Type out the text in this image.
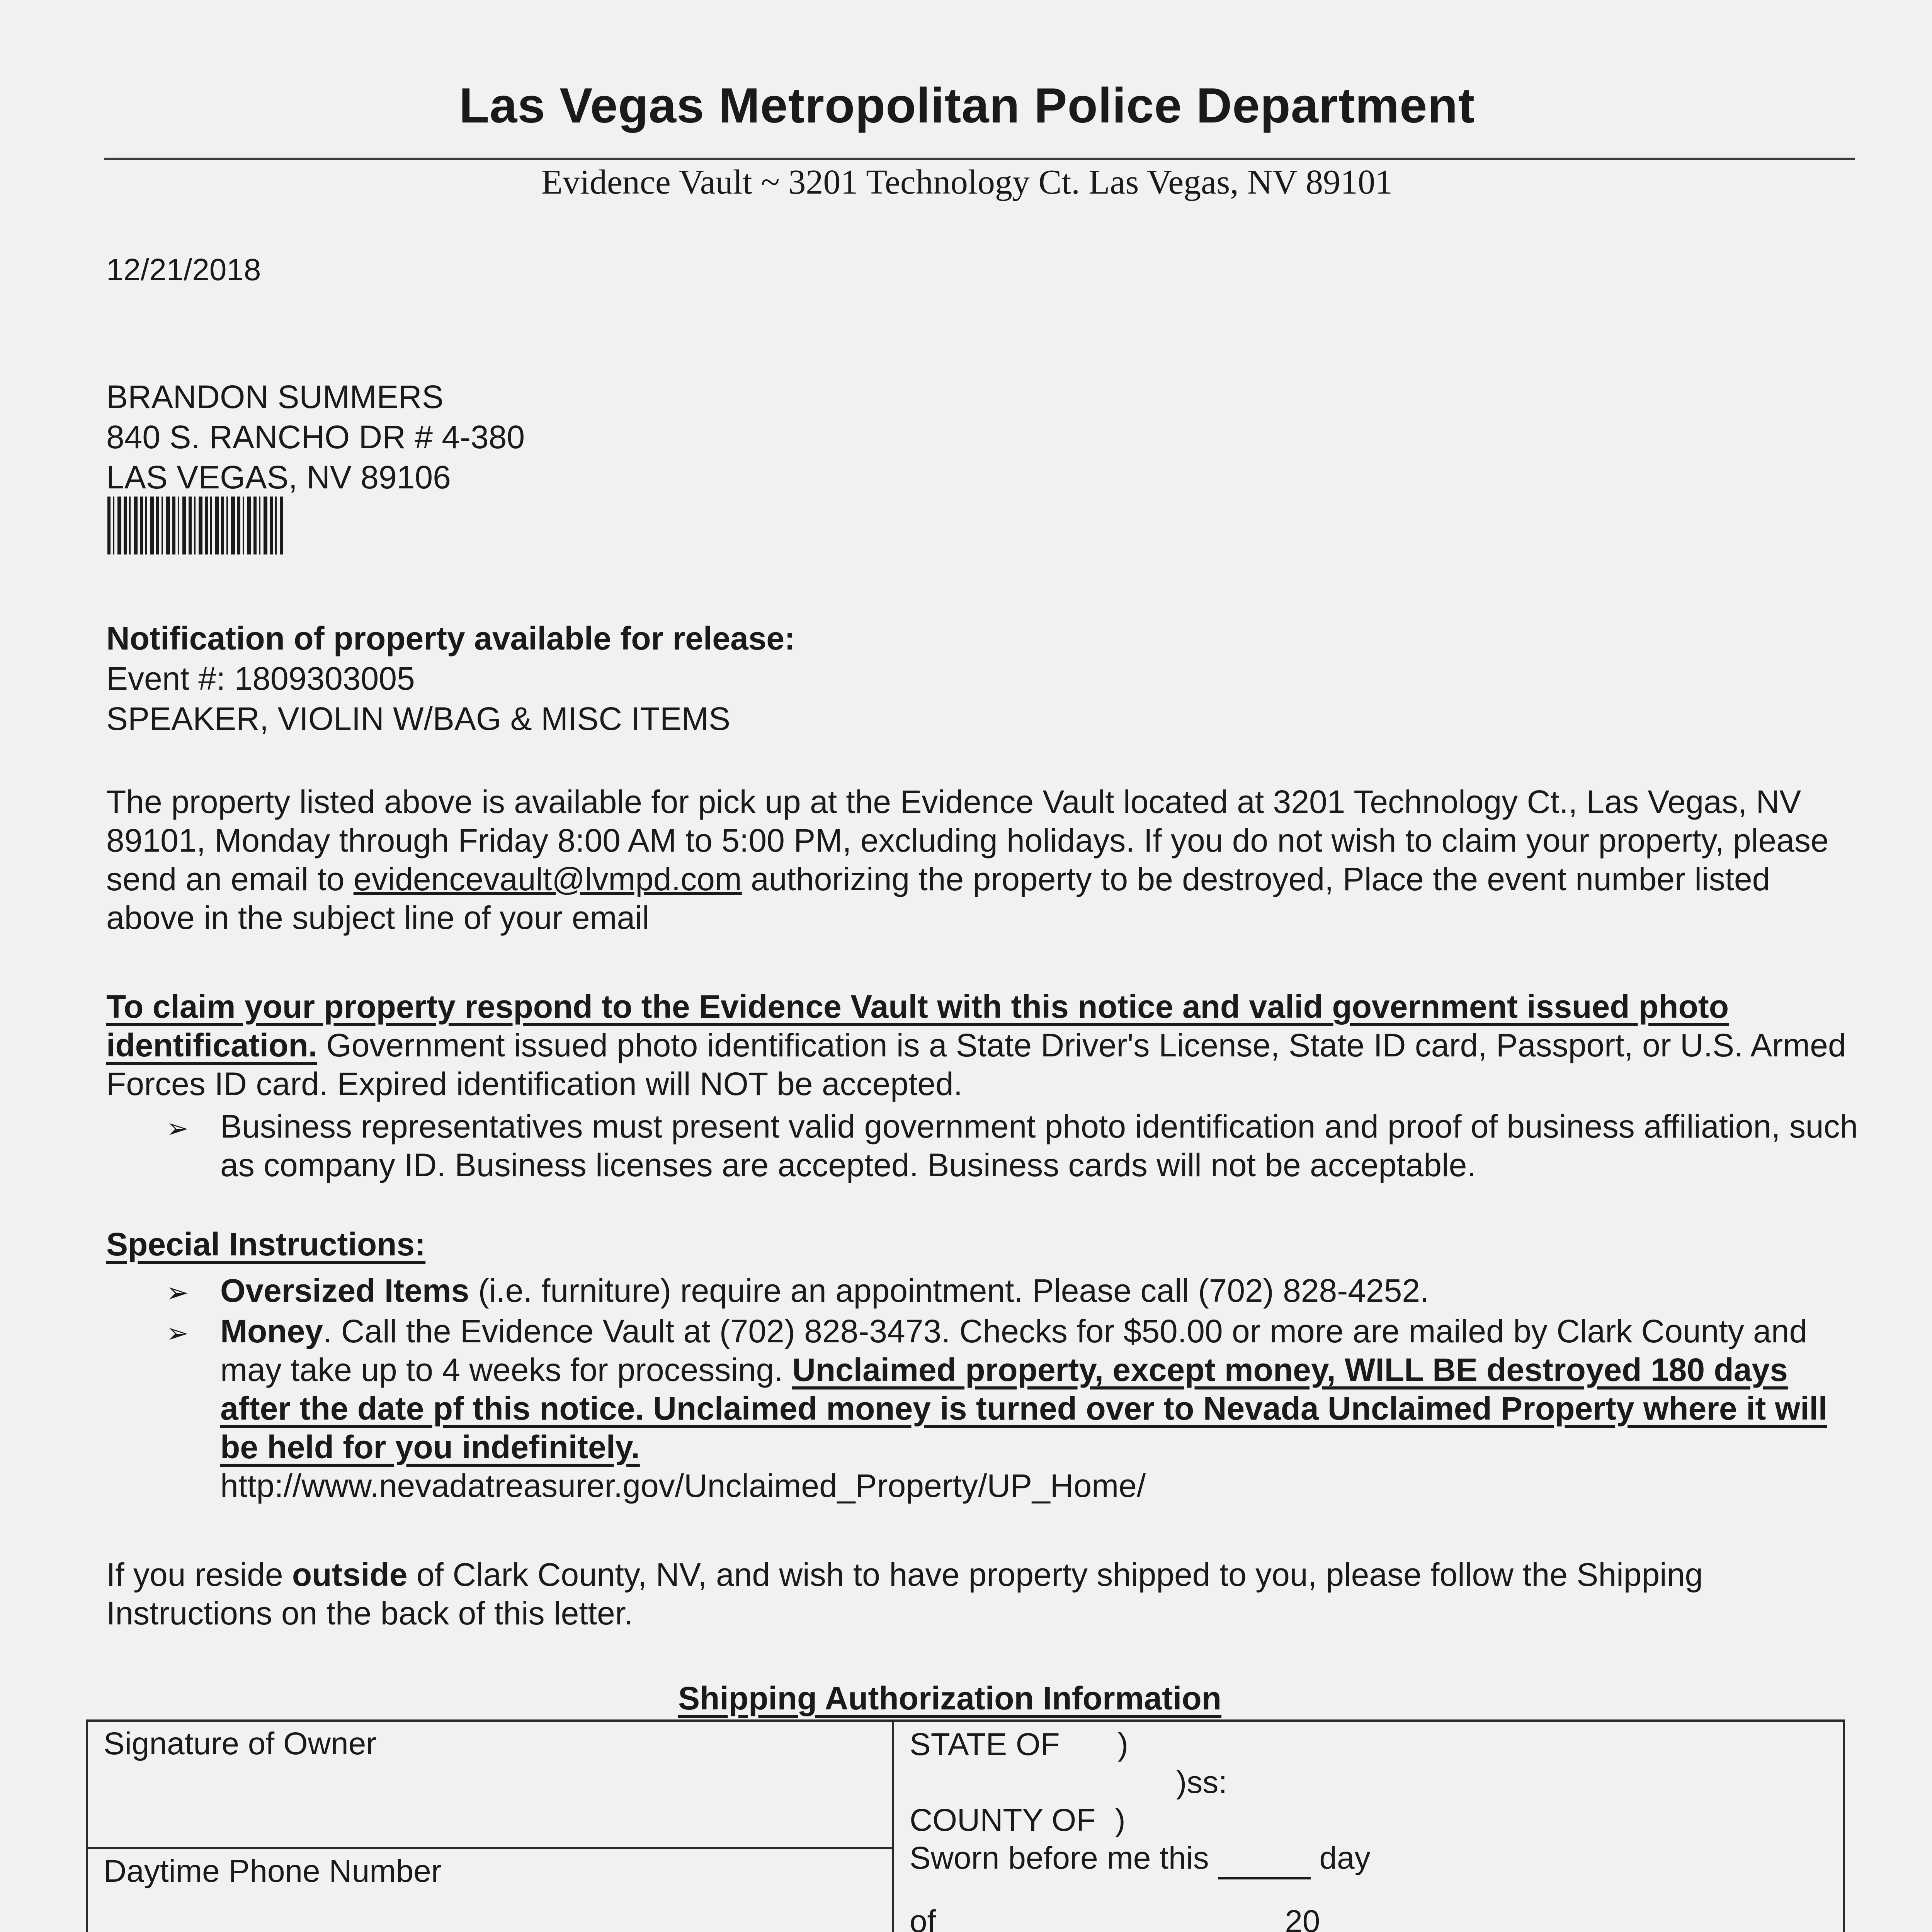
Las Vegas Metropolitan Police Department
Evidence Vault ~ 3201 Technology Ct. Las Vegas, NV 89101
12/21/2018
BRANDON SUMMERS
840 S. RANCHO DR # 4-380
LAS VEGAS, NV 89106
Notification of property available for release:
Event #: 1809303005
SPEAKER, VIOLIN W/BAG & MISC ITEMS
The property listed above is available for pick up at the Evidence Vault located at 3201 Technology Ct., Las Vegas, NV 89101, Monday through Friday 8:00 AM to 5:00 PM, excluding holidays. If you do not wish to claim your property, please send an email to evidencevault@lvmpd.com authorizing the property to be destroyed, Place the event number listed above in the subject line of your email
To claim your property respond to the Evidence Vault with this notice and valid government issued photo identification. Government issued photo identification is a State Driver's License, State ID card, Passport, or U.S. Armed Forces ID card. Expired identification will NOT be accepted.
➢ Business representatives must present valid government photo identification and proof of business affiliation, such as company ID. Business licenses are accepted. Business cards will not be acceptable.
Special Instructions:
➢ Oversized Items (i.e. furniture) require an appointment. Please call (702) 828-4252.
➢ Money. Call the Evidence Vault at (702) 828-3473. Checks for $50.00 or more are mailed by Clark County and may take up to 4 weeks for processing. Unclaimed property, except money, WILL BE destroyed 180 days after the date pf this notice. Unclaimed money is turned over to Nevada Unclaimed Property where it will be held for you indefinitely.
http://www.nevadatreasurer.gov/Unclaimed_Property/UP_Home/
If you reside outside of Clark County, NV, and wish to have property shipped to you, please follow the Shipping Instructions on the back of this letter.
Shipping Authorization Information
Signature of Owner	STATE OF )
)ss:
COUNTY OF )
Sworn before me this	day
of	20

Daytime Phone Number
